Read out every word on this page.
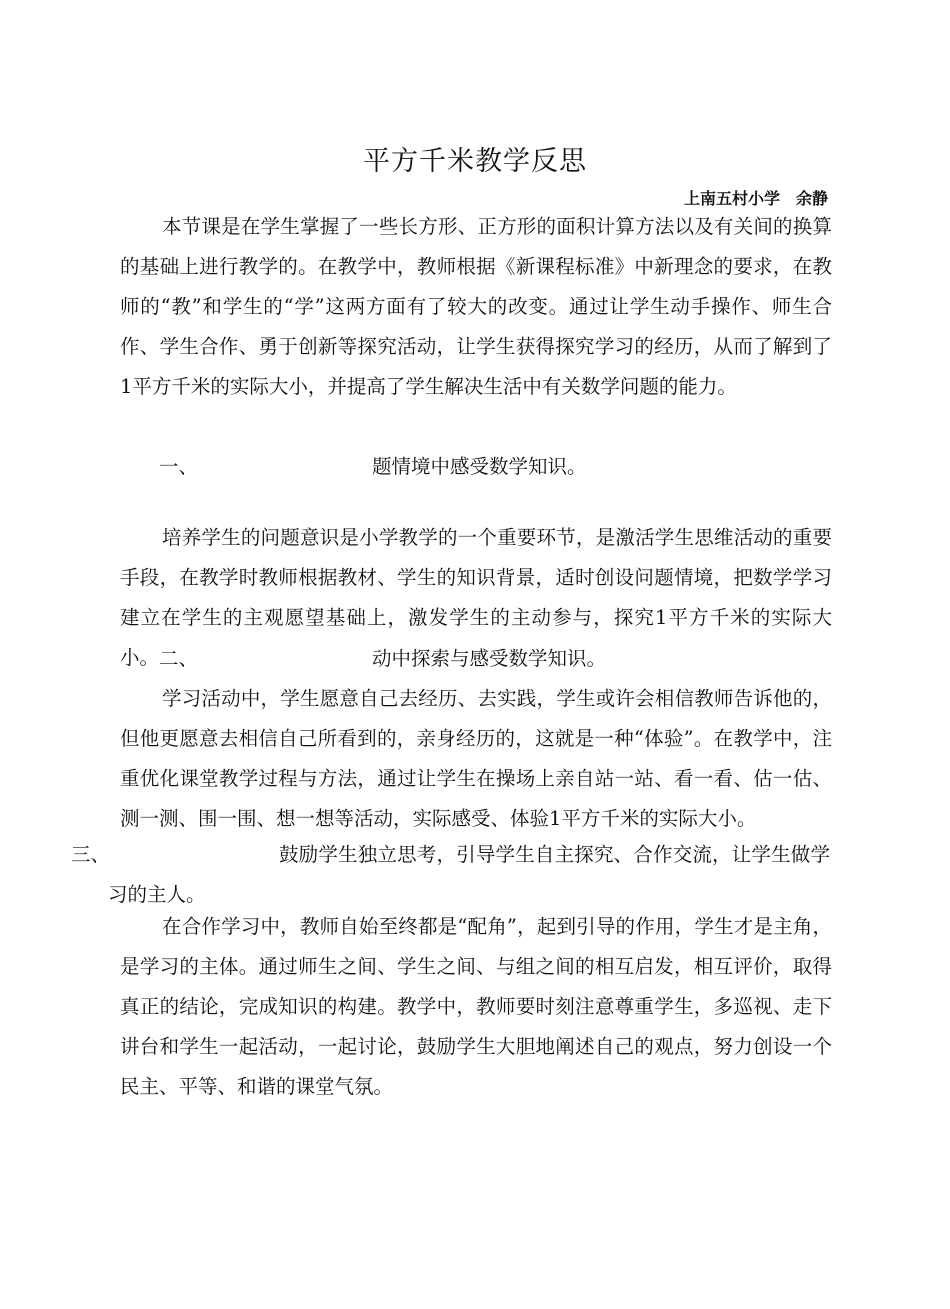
平方千米教学反思
上南五村小学　余静
本节课是在学生掌握了一些长方形、正方形的面积计算方法以及有关间的换算的基础上进行教学的。在教学中，教师根据《新课程标准》中新理念的要求，在教师的“教”和学生的“学”这两方面有了较大的改变。通过让学生动手操作、师生合作、学生合作、勇于创新等探究活动，让学生获得探究学习的经历，从而了解到了1平方千米的实际大小，并提高了学生解决生活中有关数学问题的能力。
一、	题情境中感受数学知识。
培养学生的问题意识是小学教学的一个重要环节，是激活学生思维活动的重要手段，在教学时教师根据教材、学生的知识背景，适时创设问题情境，把数学学习建立在学生的主观愿望基础上，激发学生的主动参与，探究1平方千米的实际大小。 二、	动中探索与感受数学知识。
学习活动中，学生愿意自己去经历、去实践，学生或许会相信教师告诉他的，但他更愿意去相信自己所看到的，亲身经历的，这就是一种“体验”。在教学中，注重优化课堂教学过程与方法，通过让学生在操场上亲自站一站、看一看、估一估、测一测、围一围、想一想等活动，实际感受、体验1平方千米的实际大小。
三、	鼓励学生独立思考，引导学生自主探究、合作交流，让学生做学习的主人。
在合作学习中，教师自始至终都是“配角”，起到引导的作用，学生才是主角，是学习的主体。通过师生之间、学生之间、与组之间的相互启发，相互评价，取得真正的结论，完成知识的构建。教学中，教师要时刻注意尊重学生，多巡视、走下讲台和学生一起活动，一起讨论，鼓励学生大胆地阐述自己的观点，努力创设一个民主、平等、和谐的课堂气氛。
